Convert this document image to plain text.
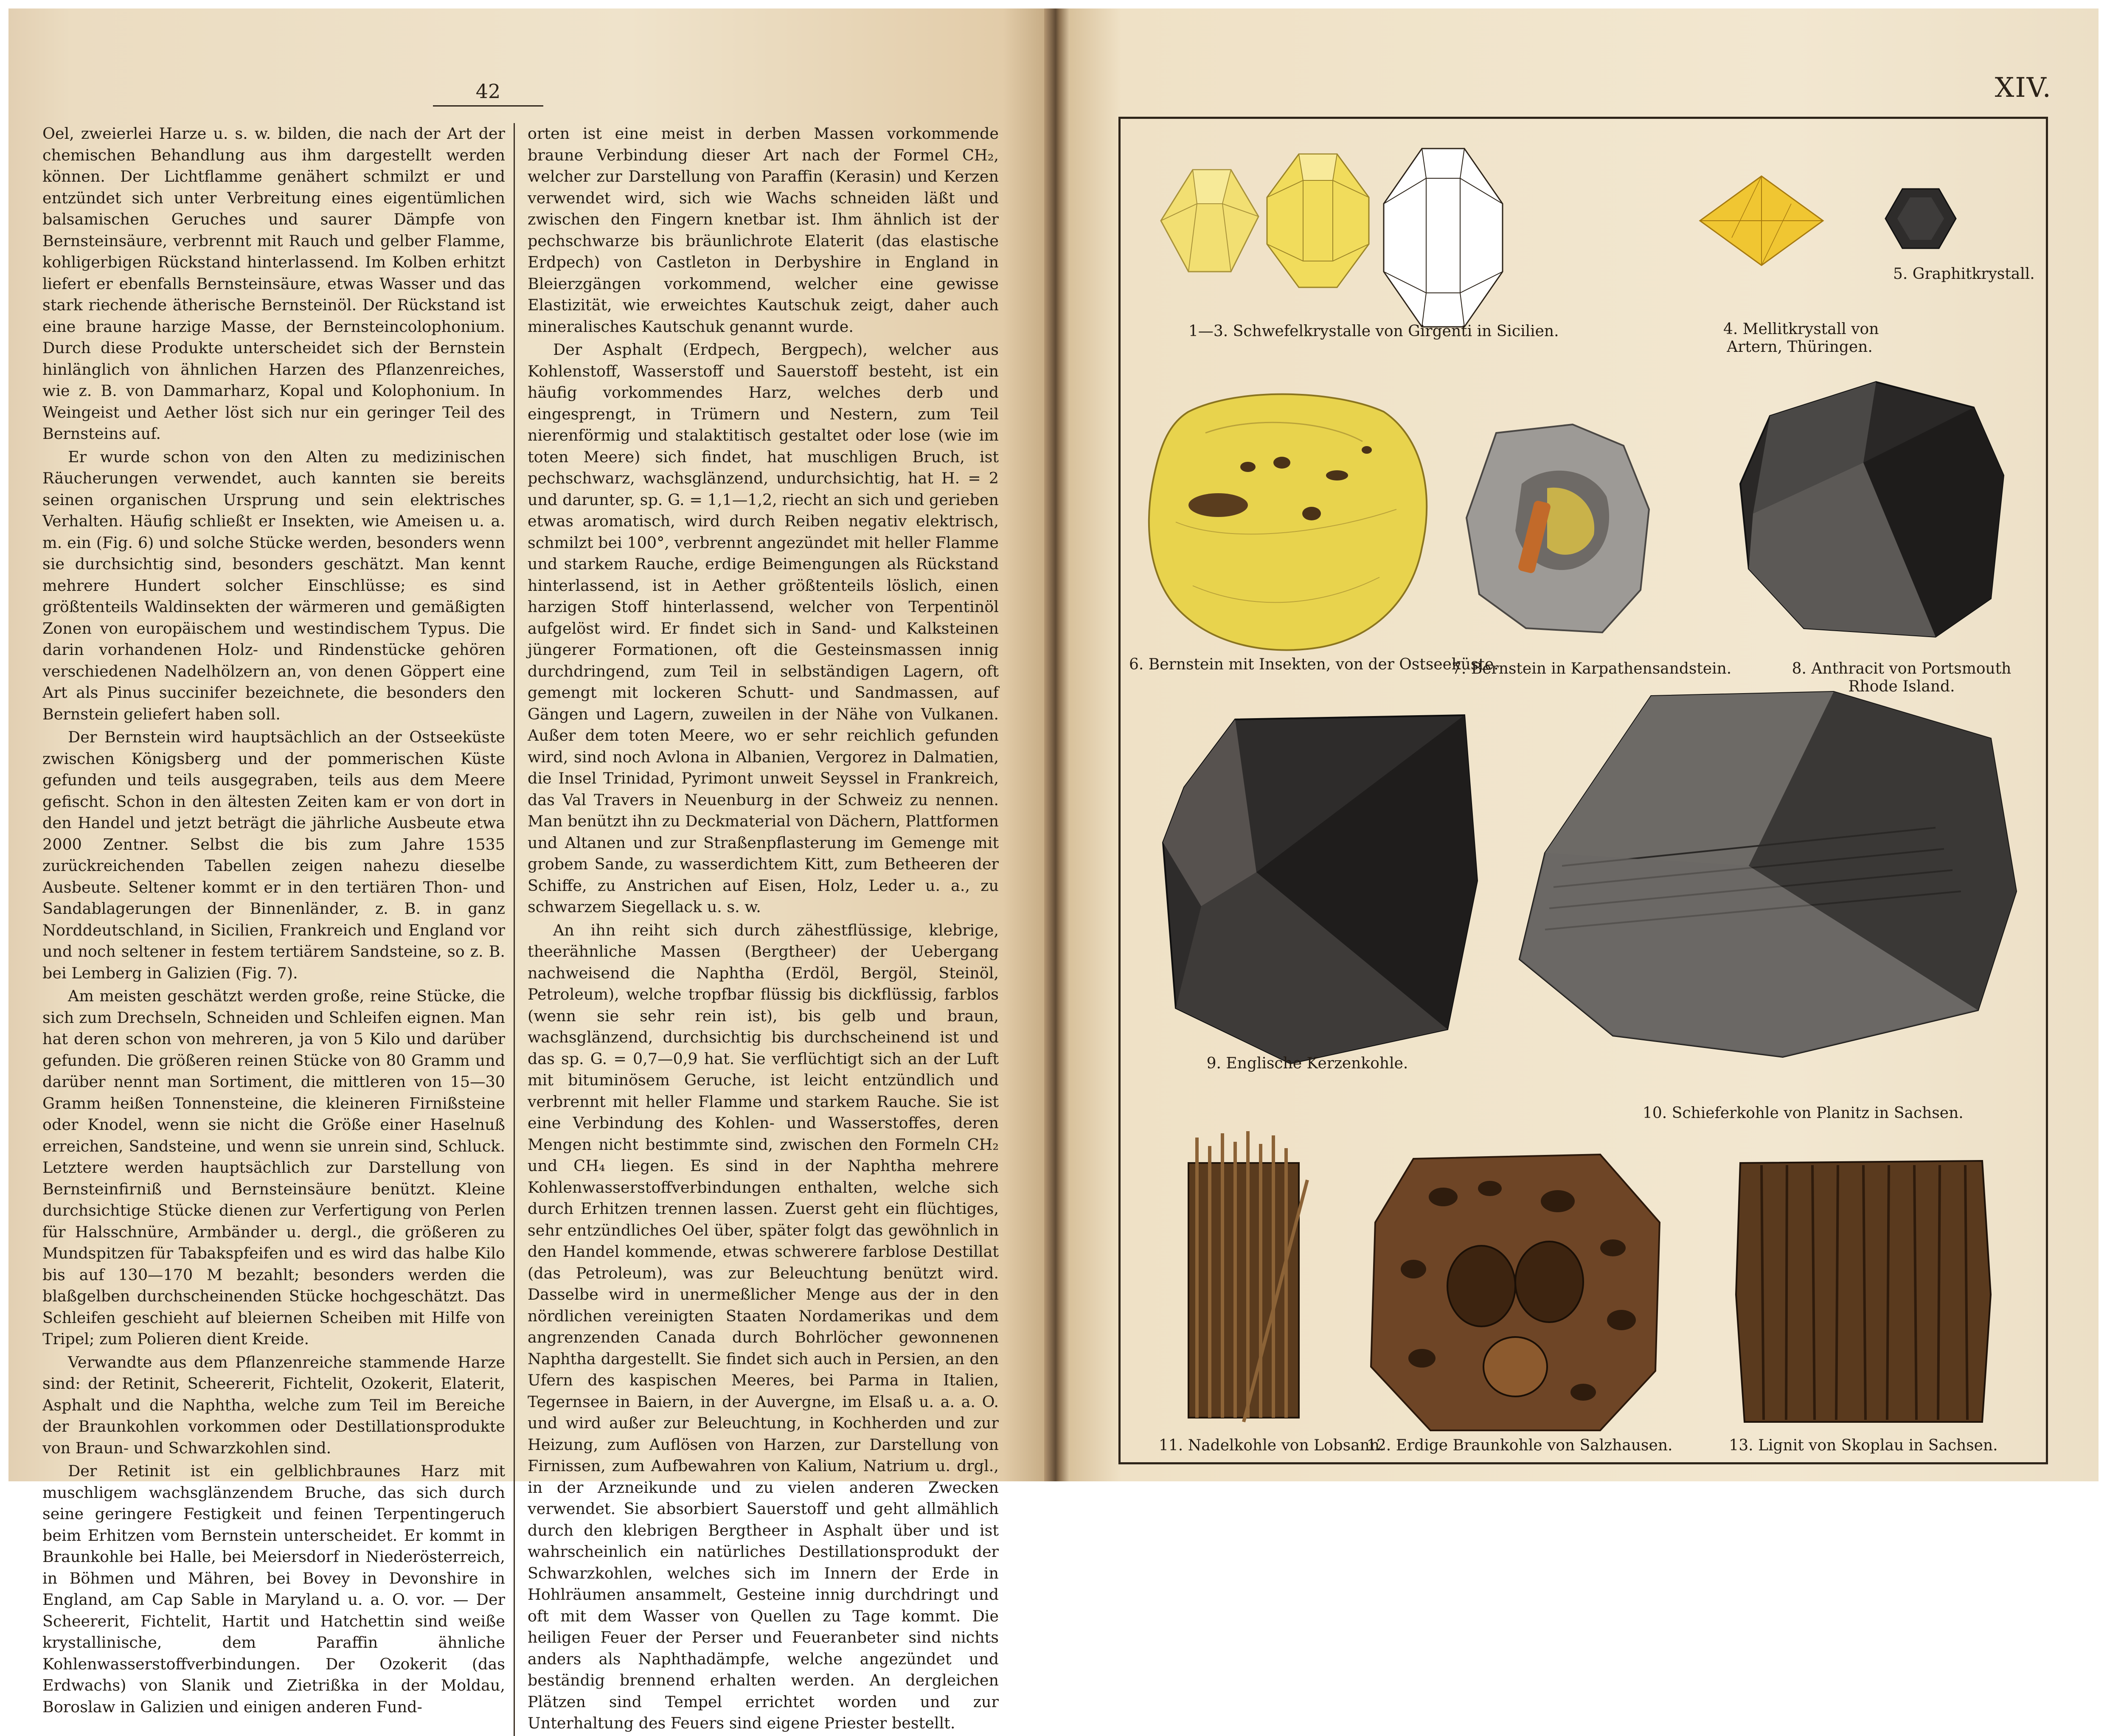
42

Oel, zweierlei Harze u. s. w. bilden, die nach der Art der chemischen Behandlung aus ihm dargestellt werden können. Der Lichtflamme genähert schmilzt er und entzündet sich unter Verbreitung eines eigentümlichen balsamischen Geruches und saurer Dämpfe von Bernsteinsäure, verbrennt mit Rauch und gelber Flamme, kohligerbigen Rückstand hinterlassend. Im Kolben erhitzt liefert er ebenfalls Bernsteinsäure, etwas Wasser und das stark riechende ätherische Bernsteinöl. Der Rückstand ist eine braune harzige Masse, der Bernsteincolophonium. Durch diese Produkte unterscheidet sich der Bernstein hinlänglich von ähnlichen Harzen des Pflanzenreiches, wie z. B. von Dammarharz, Kopal und Kolophonium. In Weingeist und Aether löst sich nur ein geringer Teil des Bernsteins auf.

Er wurde schon von den Alten zu medizinischen Räucherungen verwendet, auch kannten sie bereits seinen organischen Ursprung und sein elektrisches Verhalten. Häufig schließt er Insekten, wie Ameisen u. a. m. ein (Fig. 6) und solche Stücke werden, besonders wenn sie durchsichtig sind, besonders geschätzt. Man kennt mehrere Hundert solcher Einschlüsse; es sind größtenteils Waldinsekten der wärmeren und gemäßigten Zonen von europäischem und westindischem Typus. Die darin vorhandenen Holz- und Rindenstücke gehören verschiedenen Nadelhölzern an, von denen Göppert eine Art als Pinus succinifer bezeichnete, die besonders den Bernstein geliefert haben soll.

Der Bernstein wird hauptsächlich an der Ostseeküste zwischen Königsberg und der pommerischen Küste gefunden und teils ausgegraben, teils aus dem Meere gefischt. Schon in den ältesten Zeiten kam er von dort in den Handel und jetzt beträgt die jährliche Ausbeute etwa 2000 Zentner. Selbst die bis zum Jahre 1535 zurückreichenden Tabellen zeigen nahezu dieselbe Ausbeute. Seltener kommt er in den tertiären Thon- und Sandablagerungen der Binnenländer, z. B. in ganz Norddeutschland, in Sicilien, Frankreich und England vor und noch seltener in festem tertiärem Sandsteine, so z. B. bei Lemberg in Galizien (Fig. 7).

Am meisten geschätzt werden große, reine Stücke, die sich zum Drechseln, Schneiden und Schleifen eignen. Man hat deren schon von mehreren, ja von 5 Kilo und darüber gefunden. Die größeren reinen Stücke von 80 Gramm und darüber nennt man Sortiment, die mittleren von 15—30 Gramm heißen Tonnensteine, die kleineren Firnißsteine oder Knodel, wenn sie nicht die Größe einer Haselnuß erreichen, Sandsteine, und wenn sie unrein sind, Schluck. Letztere werden hauptsächlich zur Darstellung von Bernsteinfirniß und Bernsteinsäure benützt. Kleine durchsichtige Stücke dienen zur Verfertigung von Perlen für Halsschnüre, Armbänder u. dergl., die größeren zu Mundspitzen für Tabakspfeifen und es wird das halbe Kilo bis auf 130—170 M bezahlt; besonders werden die blaßgelben durchscheinenden Stücke hochgeschätzt. Das Schleifen geschieht auf bleiernen Scheiben mit Hilfe von Tripel; zum Polieren dient Kreide.

Verwandte aus dem Pflanzenreiche stammende Harze sind: der Retinit, Scheererit, Fichtelit, Ozokerit, Elaterit, Asphalt und die Naphtha, welche zum Teil im Bereiche der Braunkohlen vorkommen oder Destillationsprodukte von Braun- und Schwarzkohlen sind.

Der Retinit ist ein gelblichbraunes Harz mit muschligem wachsglänzendem Bruche, das sich durch seine geringere Festigkeit und feinen Terpentingeruch beim Erhitzen vom Bernstein unterscheidet. Er kommt in Braunkohle bei Halle, bei Meiersdorf in Niederösterreich, in Böhmen und Mähren, bei Bovey in Devonshire in England, am Cap Sable in Maryland u. a. O. vor. — Der Scheererit, Fichtelit, Hartit und Hatchettin sind weiße krystallinische, dem Paraffin ähnliche Kohlenwasserstoffverbindungen. Der Ozokerit (das Erdwachs) von Slanik und Zietrißka in der Moldau, Boroslaw in Galizien und einigen anderen Fund-

orten ist eine meist in derben Massen vorkommende braune Verbindung dieser Art nach der Formel CH₂, welcher zur Darstellung von Paraffin (Kerasin) und Kerzen verwendet wird, sich wie Wachs schneiden läßt und zwischen den Fingern knetbar ist. Ihm ähnlich ist der pechschwarze bis bräunlichrote Elaterit (das elastische Erdpech) von Castleton in Derbyshire in England in Bleierzgängen vorkommend, welcher eine gewisse Elastizität, wie erweichtes Kautschuk zeigt, daher auch mineralisches Kautschuk genannt wurde.

Der Asphalt (Erdpech, Bergpech), welcher aus Kohlenstoff, Wasserstoff und Sauerstoff besteht, ist ein häufig vorkommendes Harz, welches derb und eingesprengt, in Trümern und Nestern, zum Teil nierenförmig und stalaktitisch gestaltet oder lose (wie im toten Meere) sich findet, hat muschligen Bruch, ist pechschwarz, wachsglänzend, undurchsichtig, hat H. = 2 und darunter, sp. G. = 1,1—1,2, riecht an sich und gerieben etwas aromatisch, wird durch Reiben negativ elektrisch, schmilzt bei 100°, verbrennt angezündet mit heller Flamme und starkem Rauche, erdige Beimengungen als Rückstand hinterlassend, ist in Aether größtenteils löslich, einen harzigen Stoff hinterlassend, welcher von Terpentinöl aufgelöst wird. Er findet sich in Sand- und Kalksteinen jüngerer Formationen, oft die Gesteinsmassen innig durchdringend, zum Teil in selbständigen Lagern, oft gemengt mit lockeren Schutt- und Sandmassen, auf Gängen und Lagern, zuweilen in der Nähe von Vulkanen. Außer dem toten Meere, wo er sehr reichlich gefunden wird, sind noch Avlona in Albanien, Vergorez in Dalmatien, die Insel Trinidad, Pyrimont unweit Seyssel in Frankreich, das Val Travers in Neuenburg in der Schweiz zu nennen. Man benützt ihn zu Deckmaterial von Dächern, Plattformen und Altanen und zur Straßenpflasterung im Gemenge mit grobem Sande, zu wasserdichtem Kitt, zum Betheeren der Schiffe, zu Anstrichen auf Eisen, Holz, Leder u. a., zu schwarzem Siegellack u. s. w.

An ihn reiht sich durch zähestflüssige, klebrige, theerähnliche Massen (Bergtheer) der Uebergang nachweisend die Naphtha (Erdöl, Bergöl, Steinöl, Petroleum), welche tropfbar flüssig bis dickflüssig, farblos (wenn sie sehr rein ist), bis gelb und braun, wachsglänzend, durchsichtig bis durchscheinend ist und das sp. G. = 0,7—0,9 hat. Sie verflüchtigt sich an der Luft mit bituminösem Geruche, ist leicht entzündlich und verbrennt mit heller Flamme und starkem Rauche. Sie ist eine Verbindung des Kohlen- und Wasserstoffes, deren Mengen nicht bestimmte sind, zwischen den Formeln CH₂ und CH₄ liegen. Es sind in der Naphtha mehrere Kohlenwasserstoffverbindungen enthalten, welche sich durch Erhitzen trennen lassen. Zuerst geht ein flüchtiges, sehr entzündliches Oel über, später folgt das gewöhnlich in den Handel kommende, etwas schwerere farblose Destillat (das Petroleum), was zur Beleuchtung benützt wird. Dasselbe wird in unermeßlicher Menge aus der in den nördlichen vereinigten Staaten Nordamerikas und dem angrenzenden Canada durch Bohrlöcher gewonnenen Naphtha dargestellt. Sie findet sich auch in Persien, an den Ufern des kaspischen Meeres, bei Parma in Italien, Tegernsee in Baiern, in der Auvergne, im Elsaß u. a. a. O. und wird außer zur Beleuchtung, in Kochherden und zur Heizung, zum Auflösen von Harzen, zur Darstellung von Firnissen, zum Aufbewahren von Kalium, Natrium u. drgl., in der Arzneikunde und zu vielen anderen Zwecken verwendet. Sie absorbiert Sauerstoff und geht allmählich durch den klebrigen Bergtheer in Asphalt über und ist wahrscheinlich ein natürliches Destillationsprodukt der Schwarzkohlen, welches sich im Innern der Erde in Hohlräumen ansammelt, Gesteine innig durchdringt und oft mit dem Wasser von Quellen zu Tage kommt. Die heiligen Feuer der Perser und Feueranbeter sind nichts anders als Naphthadämpfe, welche angezündet und beständig brennend erhalten werden. An dergleichen Plätzen sind Tempel errichtet worden und zur Unterhaltung des Feuers sind eigene Priester bestellt.

XIV.
1—3. Schwefelkrystalle von Girgenti in Sicilien.	4. Mellitkrystall von
Artern, Thüringen.
5. Graphitkrystall.
6. Bernstein mit Insekten, von der Ostseeküste.
7. Bernstein in Karpathensandstein.	8. Anthracit von Portsmouth
Rhode Island.
9. Englische Kerzenkohle.
10. Schieferkohle von Planitz in Sachsen.
11. Nadelkohle von Lobsann.
12. Erdige Braunkohle von Salzhausen.	13. Lignit von Skoplau in Sachsen.
